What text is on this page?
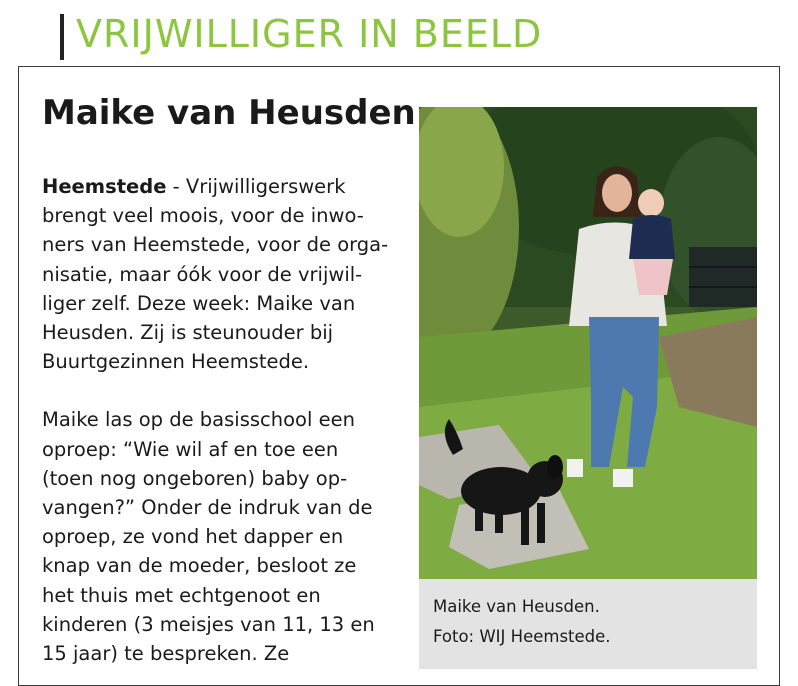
VRIJWILLIGER IN BEELD
Maike van Heusden
Heemstede - Vrijwilligerswerk
brengt veel moois, voor de inwo-
ners van Heemstede, voor de orga-
nisatie, maar óók voor de vrijwil-
liger zelf. Deze week: Maike van
Heusden. Zij is steunouder bij
Buurtgezinnen Heemstede.
Maike las op de basisschool een
oproep: “Wie wil af en toe een
(toen nog ongeboren) baby op-
vangen?” Onder de indruk van de
oproep, ze vond het dapper en
knap van de moeder, besloot ze
het thuis met echtgenoot en
kinderen (3 meisjes van 11, 13 en
15 jaar) te bespreken. Ze
Maike van Heusden.
Foto: WIJ Heemstede.
